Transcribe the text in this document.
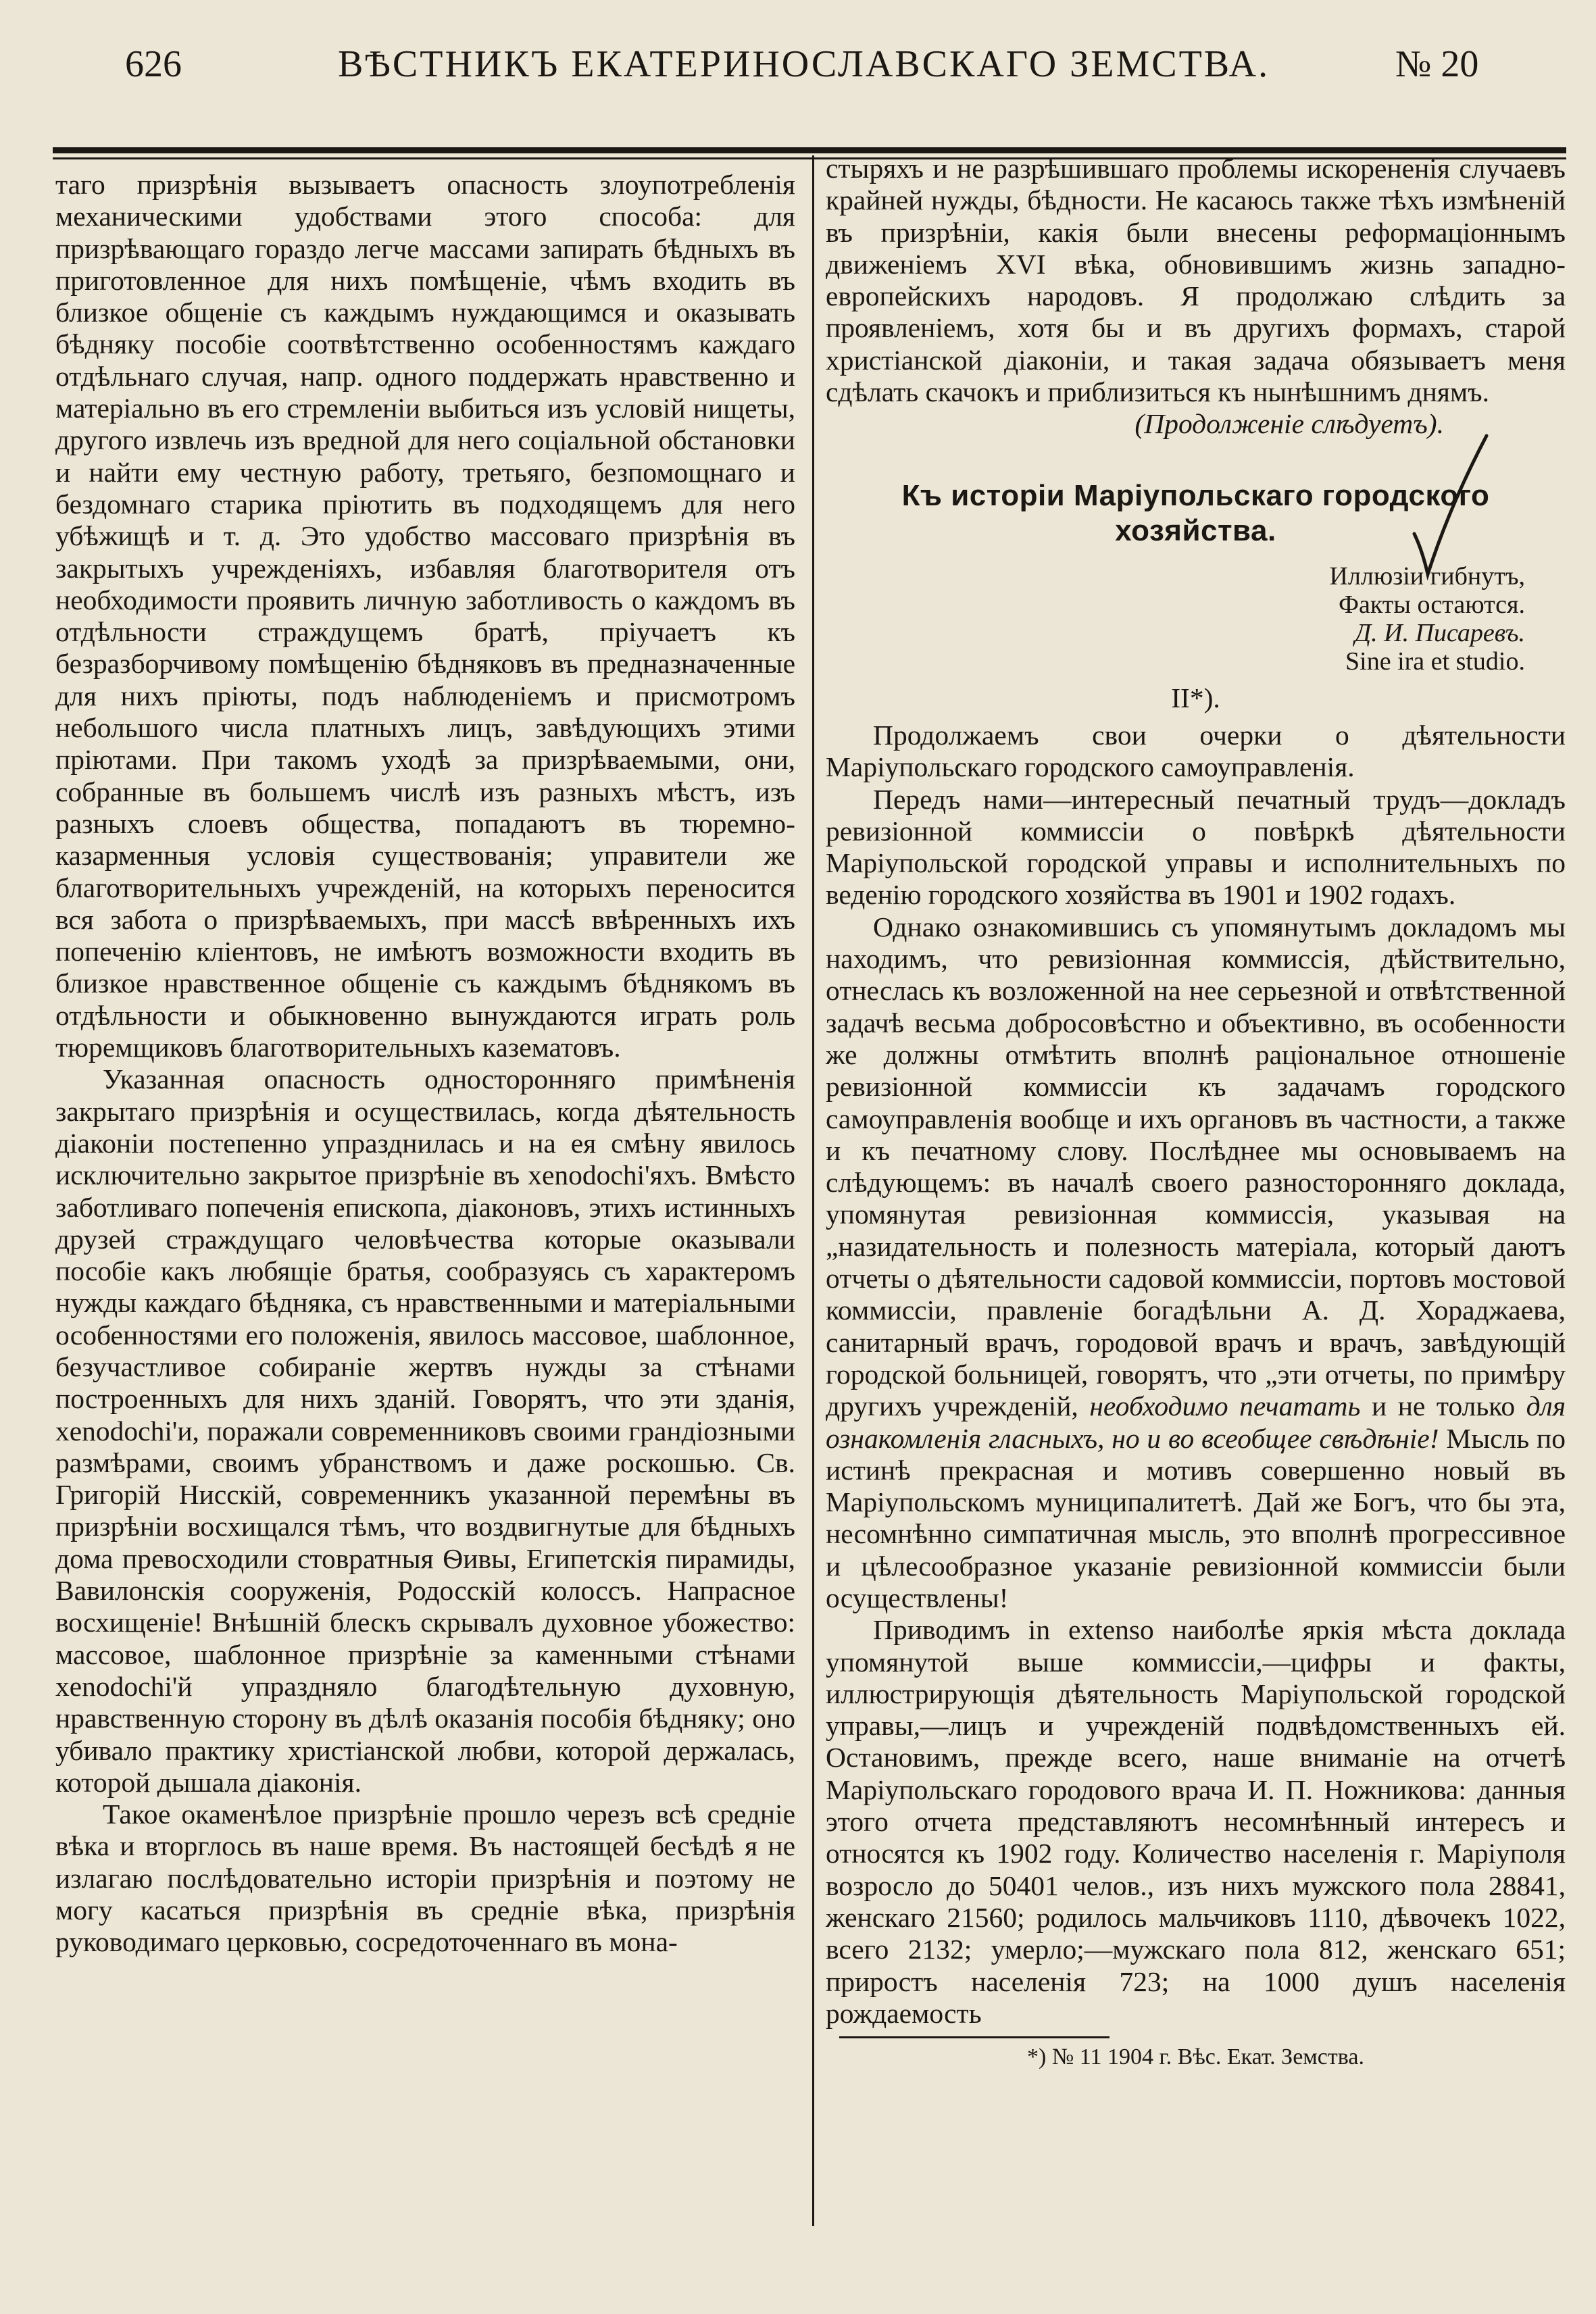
626	ВѢСТНИКЪ ЕКАТЕРИНОСЛАВСКАГО ЗЕМСТВА.	№ 20

таго призрѣнія вызываетъ опасность злоупотребленія механическими удобствами этого способа: для призрѣвающаго гораздо легче массами запирать бѣдныхъ въ приготовленное для нихъ помѣщеніе, чѣмъ входить въ близкое общеніе съ каждымъ нуждающимся и оказывать бѣдняку пособіе соотвѣтственно особенностямъ каждаго отдѣльнаго случая, напр. одного поддержать нравственно и матеріально въ его стремленіи выбиться изъ условій нищеты, другого извлечь изъ вредной для него соціальной обстановки и найти ему честную работу, третьяго, безпомощнаго и бездомнаго старика пріютить въ подходящемъ для него убѣжищѣ и т. д. Это удобство массоваго призрѣнія въ закрытыхъ учрежденіяхъ, избавляя благотворителя отъ необходимости проявить личную заботливость о каждомъ въ отдѣльности страждущемъ братѣ, пріучаетъ къ безразборчивому помѣщенію бѣдняковъ въ предназначенные для нихъ пріюты, подъ наблюденіемъ и присмотромъ небольшого числа платныхъ лицъ, завѣдующихъ этими пріютами. При такомъ уходѣ за призрѣваемыми, они, собранные въ большемъ числѣ изъ разныхъ мѣстъ, изъ разныхъ слоевъ общества, попадаютъ въ тюремно-казарменныя условія существованія; управители же благотворительныхъ учрежденій, на которыхъ переносится вся забота о призрѣваемыхъ, при массѣ ввѣренныхъ ихъ попеченію кліентовъ, не имѣютъ возможности входить въ близкое нравственное общеніе съ каждымъ бѣднякомъ въ отдѣльности и обыкновенно вынуждаются играть роль тюремщиковъ благотворительныхъ казематовъ.

Указанная опасность односторонняго примѣненія закрытаго призрѣнія и осуществилась, когда дѣятельность діаконіи постепенно упразднилась и на ея смѣну явилось исключительно закрытое призрѣніе въ xenodochi'яхъ. Вмѣсто заботливаго попеченія епископа, діаконовъ, этихъ истинныхъ друзей страждущаго человѣчества которые оказывали пособіе какъ любящіе братья, сообразуясь съ характеромъ нужды каждаго бѣдняка, съ нравственными и матеріальными особенностями его положенія, явилось массовое, шаблонное, безучастливое собираніе жертвъ нужды за стѣнами построенныхъ для нихъ зданій. Говорятъ, что эти зданія, xenodochi'и, поражали современниковъ своими грандіозными размѣрами, своимъ убранствомъ и даже роскошью. Св. Григорій Нисскій, современникъ указанной перемѣны въ призрѣніи восхищался тѣмъ, что воздвигнутые для бѣдныхъ дома превосходили стовратныя Ѳивы, Египетскія пирамиды, Вавилонскія сооруженія, Родосскій колоссъ. Напрасное восхищеніе! Внѣшній блескъ скрывалъ духовное убожество: массовое, шаблонное призрѣніе за каменными стѣнами xenodochi'й упраздняло благодѣтельную духовную, нравственную сторону въ дѣлѣ оказанія пособія бѣдняку; оно убивало практику христіанской любви, которой держалась, которой дышала діаконія.

Такое окаменѣлое призрѣніе прошло черезъ всѣ средніе вѣка и вторглось въ наше время. Въ настоящей бесѣдѣ я не излагаю послѣдовательно исторіи призрѣнія и поэтому не могу касаться призрѣнія въ средніе вѣка, призрѣнія руководимаго церковью, сосредоточеннаго въ мона-

стыряхъ и не разрѣшившаго проблемы искорененія случаевъ крайней нужды, бѣдности. Не касаюсь также тѣхъ измѣненій въ призрѣніи, какія были внесены реформаціоннымъ движеніемъ XVI вѣка, обновившимъ жизнь западно-европейскихъ народовъ. Я продолжаю слѣдить за проявленіемъ, хотя бы и въ другихъ формахъ, старой христіанской діаконіи, и такая задача обязываетъ меня сдѣлать скачокъ и приблизиться къ нынѣшнимъ днямъ.

(Продолженіе слѣдуетъ).

Къ исторіи Маріупольскаго городского хозяйства.

Иллюзіи гибнутъ,

Факты остаются.

Д. И. Писаревъ.

Sine ira et studio.

II*).

Продолжаемъ свои очерки о дѣятельности Маріупольскаго городского самоуправленія.

Передъ нами—интересный печатный трудъ—докладъ ревизіонной коммиссіи о повѣркѣ дѣятельности Маріупольской городской управы и исполнительныхъ по веденію городского хозяйства въ 1901 и 1902 годахъ.

Однако ознакомившись съ упомянутымъ докладомъ мы находимъ, что ревизіонная коммиссія, дѣйствительно, отнеслась къ возложенной на нее серьезной и отвѣтственной задачѣ весьма добросовѣстно и объективно, въ особенности же должны отмѣтить вполнѣ раціональное отношеніе ревизіонной коммиссіи къ задачамъ городского самоуправленія вообще и ихъ органовъ въ частности, а также и къ печатному слову. Послѣднее мы основываемъ на слѣдующемъ: въ началѣ своего разносторонняго доклада, упомянутая ревизіонная коммиссія, указывая на „назидательность и полезность матеріала, который даютъ отчеты о дѣятельности садовой коммиссіи, портовъ мостовой коммиссіи, правленіе богадѣльни А. Д. Хораджаева, санитарный врачъ, городовой врачъ и врачъ, завѣдующій городской больницей, говорятъ, что „эти отчеты, по примѣру другихъ учрежденій, необходимо печатать и не только для ознакомленія гласныхъ, но и во всеобщее свѣдѣніе! Мысль по истинѣ прекрасная и мотивъ совершенно новый въ Маріупольскомъ муниципалитетѣ. Дай же Богъ, что бы эта, несомнѣнно симпатичная мысль, это вполнѣ прогрессивное и цѣлесообразное указаніе ревизіонной коммиссіи были осуществлены!

Приводимъ in extenso наиболѣе яркія мѣста доклада упомянутой выше коммиссіи,—цифры и факты, иллюстрирующія дѣятельность Маріупольской городской управы,—лицъ и учрежденій подвѣдомственныхъ ей. Остановимъ, прежде всего, наше вниманіе на отчетѣ Маріупольскаго городового врача И. П. Ножникова: данныя этого отчета представляютъ несомнѣнный интересъ и относятся къ 1902 году. Количество населенія г. Маріуполя возросло до 50401 челов., изъ нихъ мужского пола 28841, женскаго 21560; родилось мальчиковъ 1110, дѣвочекъ 1022, всего 2132; умерло;—мужскаго пола 812, женскаго 651; приростъ населенія 723; на 1000 душъ населенія рождаемость

*) № 11 1904 г. Вѣс. Екат. Земства.
